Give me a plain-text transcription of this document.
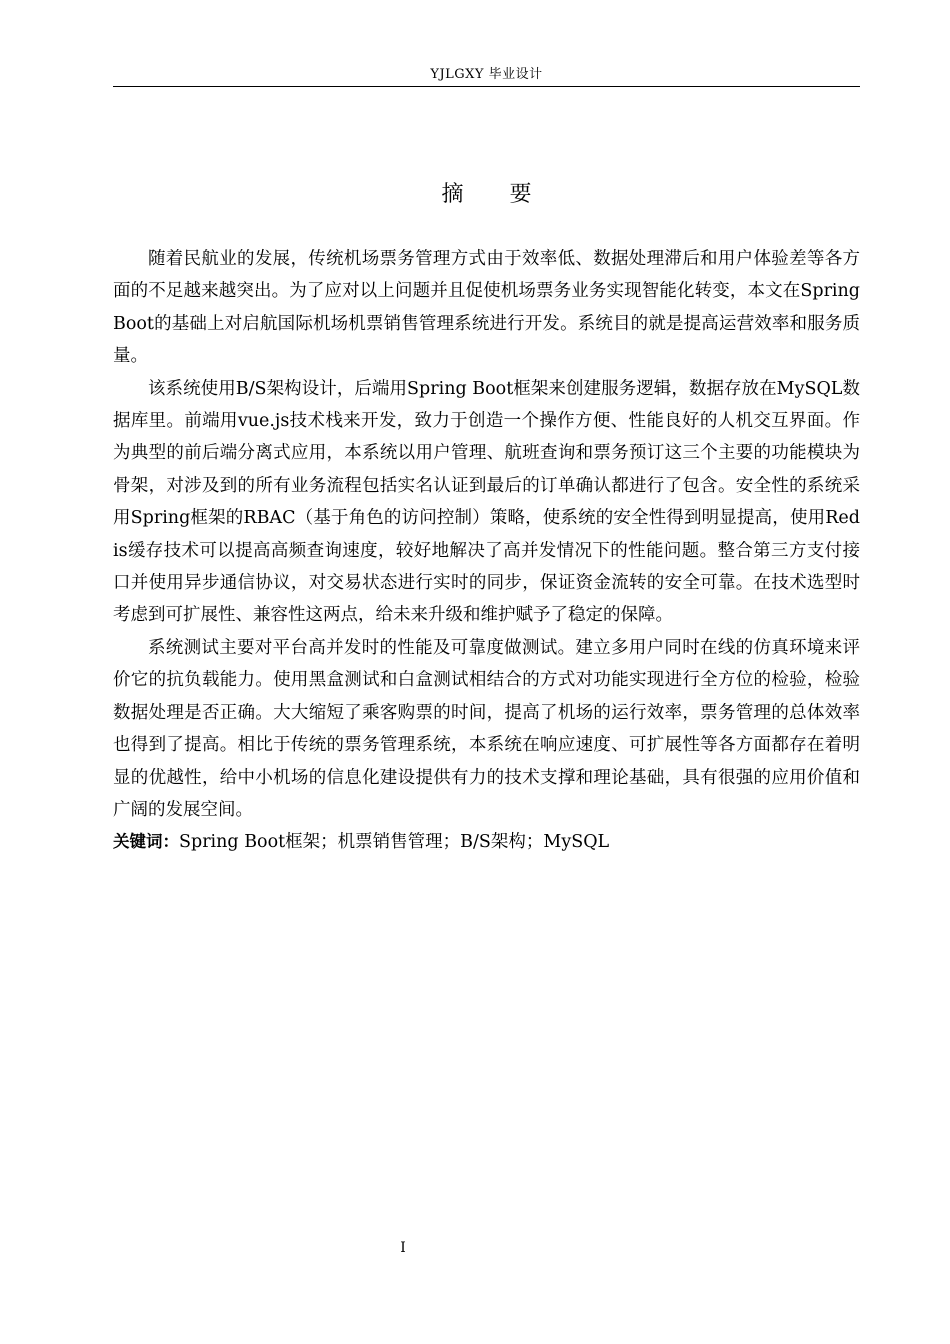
YJLGXY 毕业设计
摘要

随着民航业的发展，传统机场票务管理方式由于效率低、数据处理滞后和用户体验差等各方面的不足越来越突出。为了应对以上问题并且促使机场票务业务实现智能化转变，本文在SpringBoot的基础上对启航国际机场机票销售管理系统进行开发。系统目的就是提高运营效率和服务质量。

该系统使用B/S架构设计，后端用Spring Boot框架来创建服务逻辑，数据存放在MySQL数据库里。前端用vue.js技术栈来开发，致力于创造一个操作方便、性能良好的人机交互界面。作为典型的前后端分离式应用，本系统以用户管理、航班查询和票务预订这三个主要的功能模块为骨架，对涉及到的所有业务流程包括实名认证到最后的订单确认都进行了包含。安全性的系统采用Spring框架的RBAC（基于角色的访问控制）策略，使系统的安全性得到明显提高，使用Redis缓存技术可以提高高频查询速度，较好地解决了高并发情况下的性能问题。整合第三方支付接口并使用异步通信协议，对交易状态进行实时的同步，保证资金流转的安全可靠。在技术选型时考虑到可扩展性、兼容性这两点，给未来升级和维护赋予了稳定的保障。

系统测试主要对平台高并发时的性能及可靠度做测试。建立多用户同时在线的仿真环境来评价它的抗负载能力。使用黑盒测试和白盒测试相结合的方式对功能实现进行全方位的检验，检验数据处理是否正确。大大缩短了乘客购票的时间，提高了机场的运行效率，票务管理的总体效率也得到了提高。相比于传统的票务管理系统，本系统在响应速度、可扩展性等各方面都存在着明显的优越性，给中小机场的信息化建设提供有力的技术支撑和理论基础，具有很强的应用价值和广阔的发展空间。

关键词：Spring Boot框架；机票销售管理；B/S架构；MySQL

I
